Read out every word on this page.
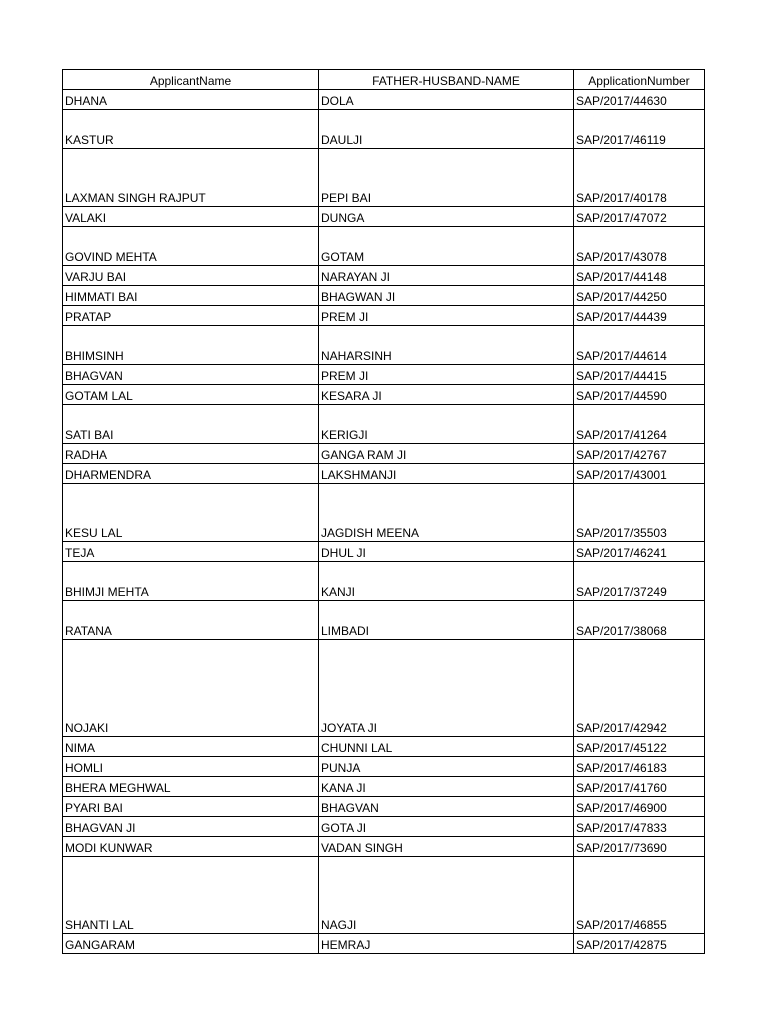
ApplicantName	FATHER-HUSBAND-NAME	ApplicationNumber
DHANA	DOLA	SAP/2017/44630
KASTUR	DAULJI	SAP/2017/46119
LAXMAN SINGH RAJPUT	PEPI BAI	SAP/2017/40178
VALAKI	DUNGA	SAP/2017/47072
GOVIND MEHTA	GOTAM	SAP/2017/43078
VARJU BAI	NARAYAN JI	SAP/2017/44148
HIMMATI BAI	BHAGWAN JI	SAP/2017/44250
PRATAP	PREM JI	SAP/2017/44439
BHIMSINH	NAHARSINH	SAP/2017/44614
BHAGVAN	PREM JI	SAP/2017/44415
GOTAM LAL	KESARA JI	SAP/2017/44590
SATI BAI	KERIGJI	SAP/2017/41264
RADHA	GANGA RAM JI	SAP/2017/42767
DHARMENDRA	LAKSHMANJI	SAP/2017/43001
KESU LAL	JAGDISH MEENA	SAP/2017/35503
TEJA	DHUL JI	SAP/2017/46241
BHIMJI MEHTA	KANJI	SAP/2017/37249
RATANA	LIMBADI	SAP/2017/38068
NOJAKI	JOYATA JI	SAP/2017/42942
NIMA	CHUNNI LAL	SAP/2017/45122
HOMLI	PUNJA	SAP/2017/46183
BHERA MEGHWAL	KANA JI	SAP/2017/41760
PYARI BAI	BHAGVAN	SAP/2017/46900
BHAGVAN JI	GOTA JI	SAP/2017/47833
MODI KUNWAR	VADAN SINGH	SAP/2017/73690
SHANTI LAL	NAGJI	SAP/2017/46855
GANGARAM	HEMRAJ	SAP/2017/42875
